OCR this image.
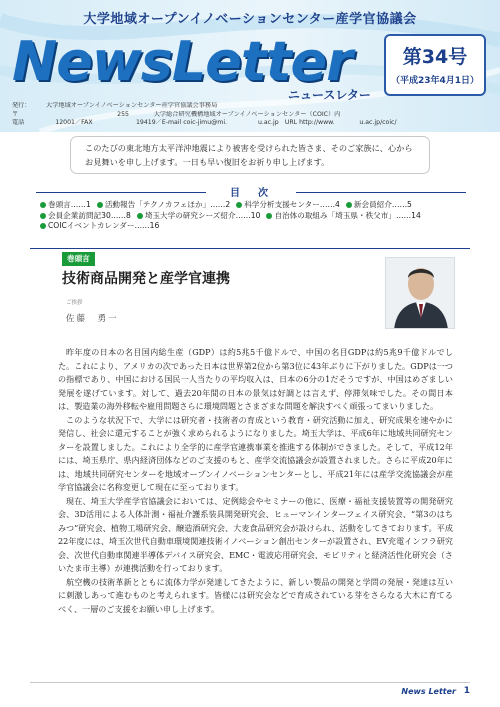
大学地域オープンイノベーションセンター産学官協議会
NewsLetter
ニュースレター
第34号
（平成23年4月1日）
発行：　　　大学地域オープンイノベーションセンター産学官協議会事務局
〒　　　　　　　　　　　　　　　　255　　　　大学総合研究機構地域オープンイノベーションセンター（COIC）内
電話　　　　　12001／FAX　　　　　　　19419／E-mail coic-jimu@mi.　　　　　u.ac.jp　URL http://www.　　　　u.ac.jp/coic/
このたびの東北地方太平洋沖地震により被害を受けられた皆さま、そのご家族に、心からお見舞いを申し上げます。一日も早い復旧をお祈り申し上げます。
目　次
巻頭言……1 活動報告「テクノカフェほか」……2 科学分析支援センター……4 新会員紹介……5
会員企業訪問記30……8 埼玉大学の研究シーズ紹介……10 自治体の取組み「埼玉県・秩父市」……14
COICイベントカレンダー……16
巻頭言
技術商品開発と産学官連携
ご挨拶
佐藤　勇一

昨年度の日本の名目国内総生産（GDP）は約5兆5千億ドルで、中国の名目GDPは約5兆9千億ドルでした。これにより、アメリカの次であった日本は世界第2位から第3位に43年ぶりに下がりました。GDPは一つの指標であり、中国における国民一人当たりの平均収入は、日本の6分の1だそうですが、中国はめざましい発展を遂げています。対して、過去20年間の日本の景気は好調とは言えず、停滞気味でした。その間日本は、製造業の海外移転や雇用問題さらに環境問題とさまざまな問題を解決すべく頑張ってまいりました。

このような状況下で、大学には研究者・技術者の育成という教育・研究活動に加え、研究成果を速やかに発信し、社会に還元することが強く求められるようになりました。埼玉大学は、平成6年に地域共同研究センターを設置しました。これにより全学的に産学官連携事業を推進する体制ができました。そして、平成12年には、埼玉県庁、県内経済団体などのご支援のもと、産学交流協議会が設置されました。さらに平成20年には、地域共同研究センターを地域オープンイノベーションセンターとし、平成21年には産学交流協議会が産学官協議会に名称変更して現在に至っております。

現在、埼玉大学産学官協議会においては、定例総会やセミナーの他に、医療・福祉支援装置等の開発研究会、3D活用による人体計測・福祉介護系装具開発研究会、ヒューマンインターフェイス研究会、“第3のはちみつ”研究会、植物工場研究会、醸造酒研究会、大麦食品研究会が設けられ、活動をしてきております。平成22年度には、埼玉次世代自動車環境関連技術イノベーション創出センターが設置され、EV充電インフラ研究会、次世代自動車関連半導体デバイス研究会、EMC・電波応用研究会、モビリティと経済活性化研究会（さいたま市主導）が連携活動を行っております。

航空機の技術革新とともに流体力学が発達してきたように、新しい製品の開発と学問の発展・発達は互いに刺激しあって進むものと考えられます。皆様には研究会などで育成されている芽をさらなる大木に育てるべく、一層のご支援をお願い申し上げます。

News Letter 1
